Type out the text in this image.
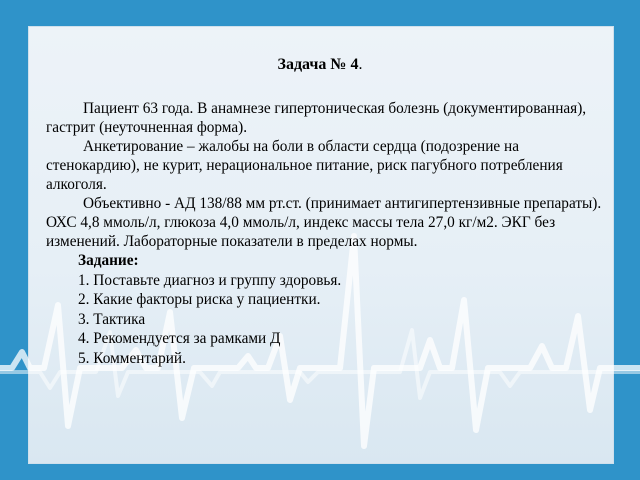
Задача № 4.

Пациент 63 года. В анамнезе гипертоническая болезнь (документированная), гастрит (неуточненная форма).

Анкетирование – жалобы на боли в области сердца (подозрение на стенокардию), не курит, нерациональное питание, риск пагубного потребления алкоголя.

Объективно - АД 138/88 мм рт.ст. (принимает антигипертензивные препараты). ОХС 4,8 ммоль/л, глюкоза 4,0 ммоль/л, индекс массы тела 27,0 кг/м2. ЭКГ без изменений. Лабораторные показатели в пределах нормы.

Задание:
1. Поставьте диагноз и группу здоровья.
2. Какие факторы риска у пациентки.
3. Тактика
4. Рекомендуется за рамками Д
5. Комментарий.
